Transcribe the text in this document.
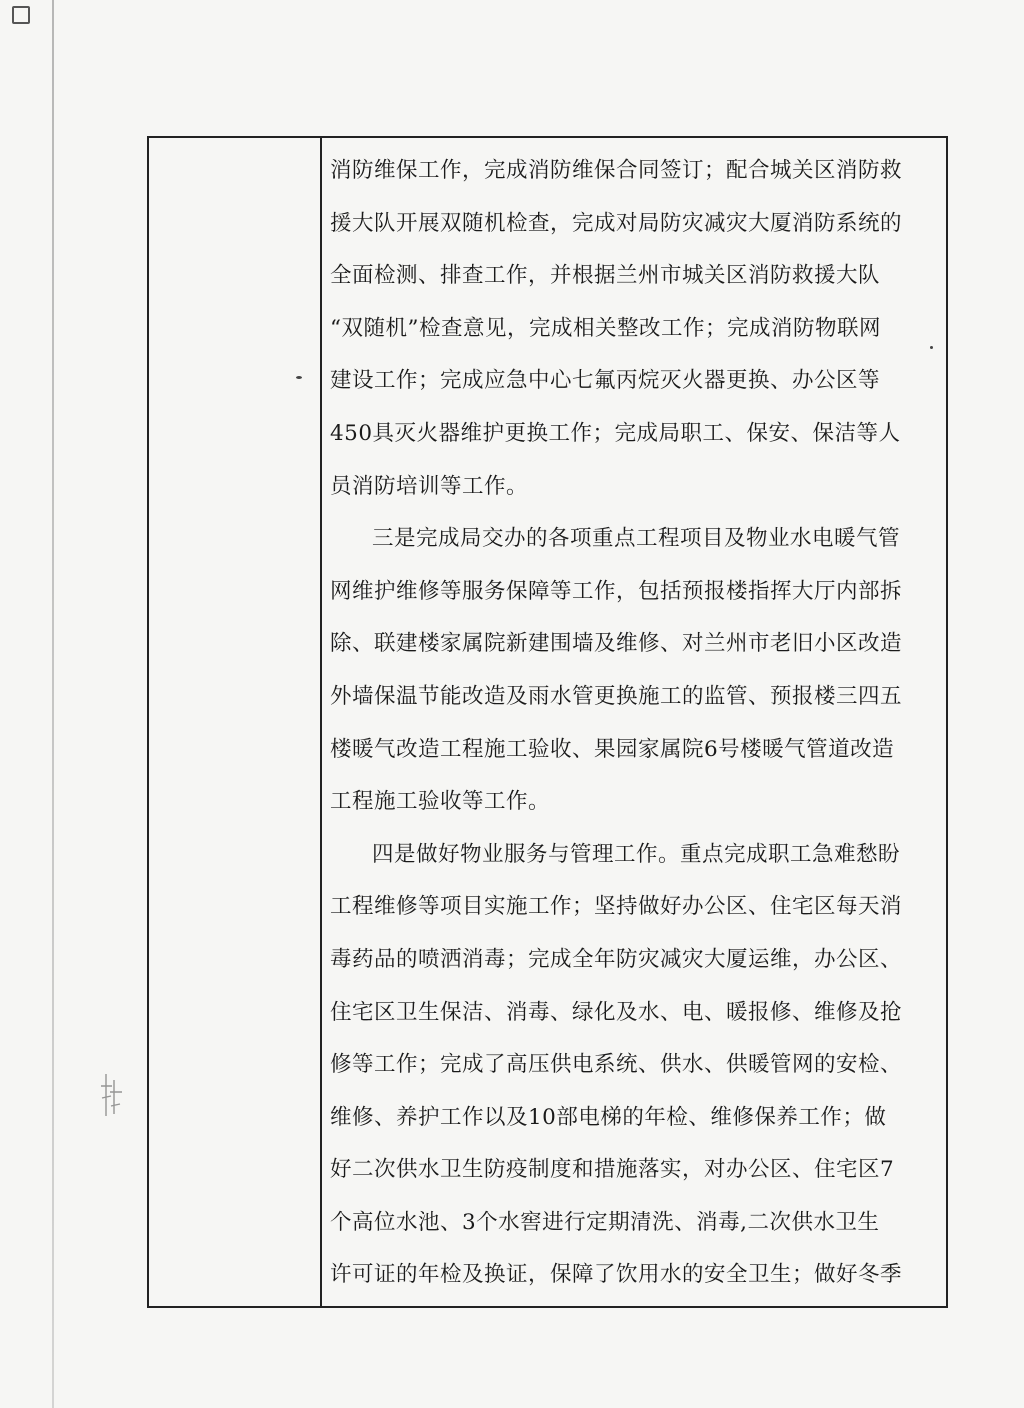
消防维保工作，完成消防维保合同签订；配合城关区消防救
援大队开展双随机检查，完成对局防灾减灾大厦消防系统的
全面检测、排查工作，并根据兰州市城关区消防救援大队
“双随机”检查意见，完成相关整改工作；完成消防物联网
建设工作；完成应急中心七氟丙烷灭火器更换、办公区等
450具灭火器维护更换工作；完成局职工、保安、保洁等人
员消防培训等工作。
三是完成局交办的各项重点工程项目及物业水电暖气管
网维护维修等服务保障等工作，包括预报楼指挥大厅内部拆
除、联建楼家属院新建围墙及维修、对兰州市老旧小区改造
外墙保温节能改造及雨水管更换施工的监管、预报楼三四五
楼暖气改造工程施工验收、果园家属院6号楼暖气管道改造
工程施工验收等工作。
四是做好物业服务与管理工作。重点完成职工急难愁盼
工程维修等项目实施工作；坚持做好办公区、住宅区每天消
毒药品的喷洒消毒；完成全年防灾减灾大厦运维，办公区、
住宅区卫生保洁、消毒、绿化及水、电、暖报修、维修及抢
修等工作；完成了高压供电系统、供水、供暖管网的安检、
维修、养护工作以及10部电梯的年检、维修保养工作；做
好二次供水卫生防疫制度和措施落实，对办公区、住宅区7
个高位水池、3个水窖进行定期清洗、消毒,二次供水卫生
许可证的年检及换证，保障了饮用水的安全卫生；做好冬季
